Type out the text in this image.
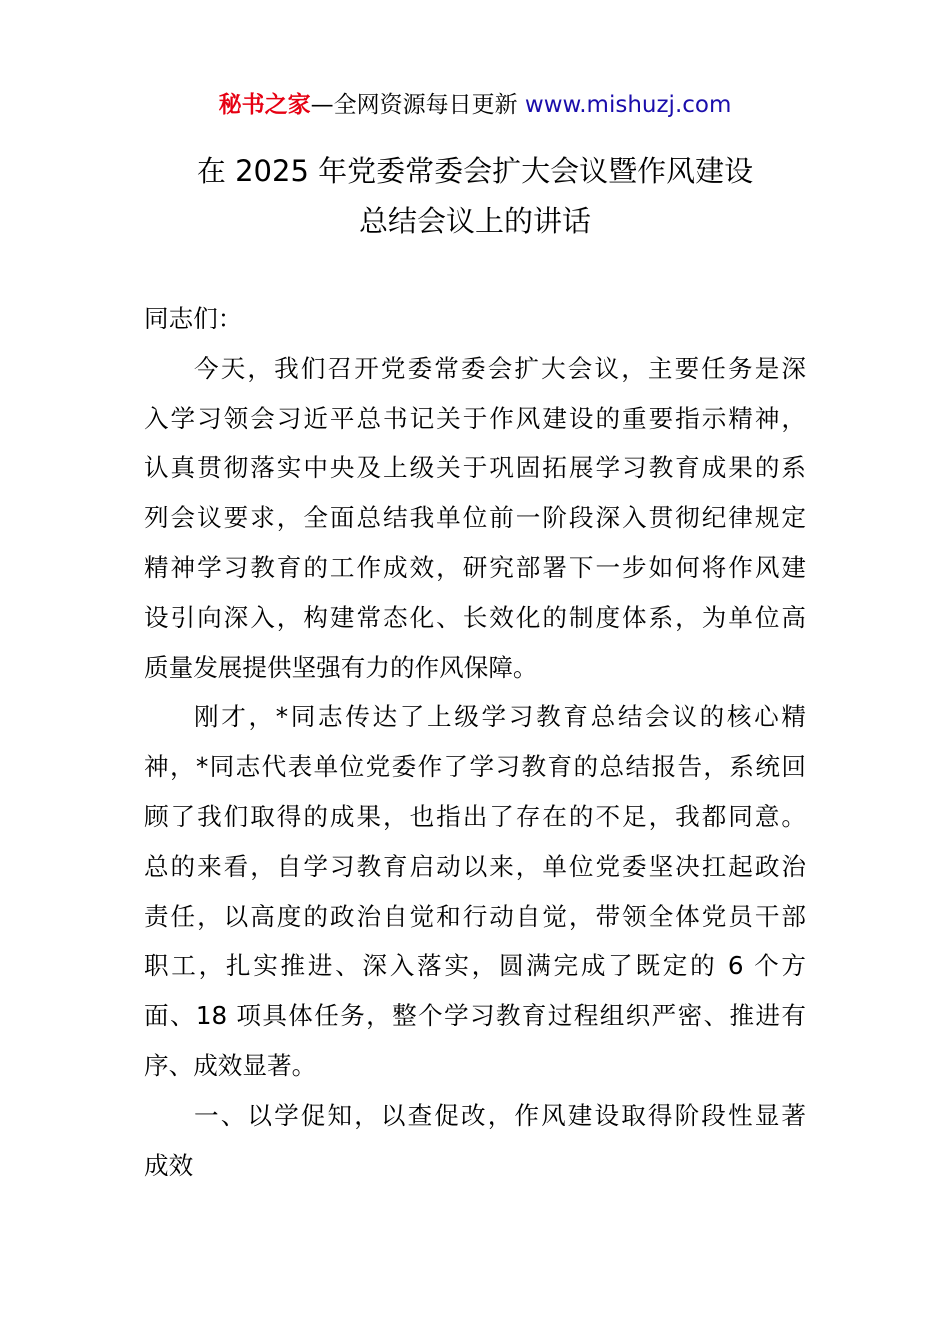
秘书之家—全网资源每日更新 www.mishuzj.com
在 2025 年党委常委会扩大会议暨作风建设
总结会议上的讲话
同志们：
今天，我们召开党委常委会扩大会议，主要任务是深
入学习领会习近平总书记关于作风建设的重要指示精神，
认真贯彻落实中央及上级关于巩固拓展学习教育成果的系
列会议要求，全面总结我单位前一阶段深入贯彻纪律规定
精神学习教育的工作成效，研究部署下一步如何将作风建
设引向深入，构建常态化、长效化的制度体系，为单位高
质量发展提供坚强有力的作风保障。
刚才，*同志传达了上级学习教育总结会议的核心精
神，*同志代表单位党委作了学习教育的总结报告，系统回
顾了我们取得的成果，也指出了存在的不足，我都同意。
总的来看，自学习教育启动以来，单位党委坚决扛起政治
责任，以高度的政治自觉和行动自觉，带领全体党员干部
职工，扎实推进、深入落实，圆满完成了既定的 6 个方
面、18 项具体任务，整个学习教育过程组织严密、推进有
序、成效显著。
一、以学促知，以查促改，作风建设取得阶段性显著
成效
